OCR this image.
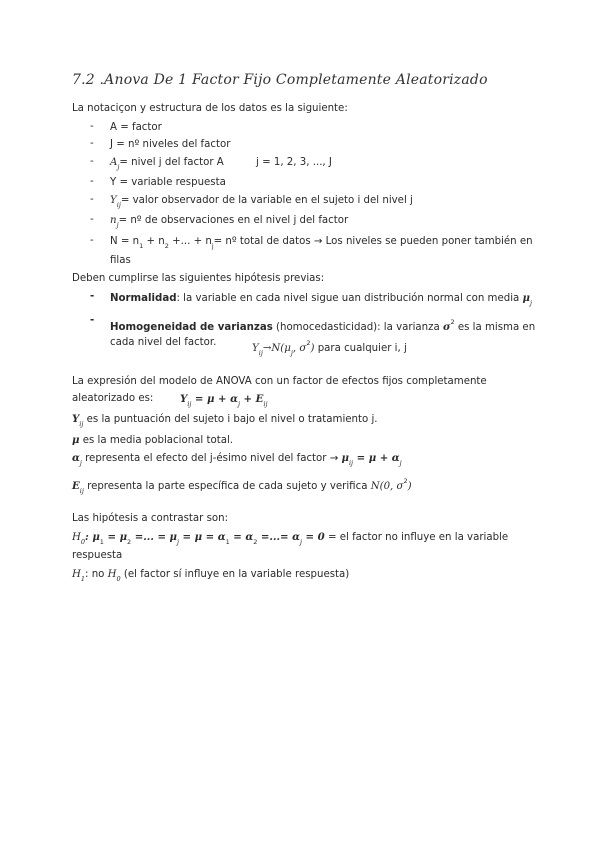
7.2 .Anova De 1 Factor Fijo Completamente Aleatorizado
La notaciçon y estructura de los datos es la siguiente:
- A = factor
- J = nº niveles del factor
- $A_j=$ nivel j del factor A	j = 1, 2, 3, ..., J
- Y = variable respuesta
- $Y_{ij}=$ valor observador de la variable en el sujeto i del nivel j
- $n_j=$ nº de observaciones en el nivel j del factor
- $N = n_1 + n_2$ +... + $n_j=$ nº total de datos → Los niveles se pueden poner también en
filas
Deben cumplirse las siguientes hipótesis previas:
- Normalidad: la variable en cada nivel sigue uan distribución normal con media $\mu_j$
-
Homogeneidad de varianzas (homocedasticidad): la varianza $\sigma^2$ es la misma en
cada nivel del factor.
$Y_{ij}\to N(\mu_j$, $\sigma^2$) para cualquier i, j
La expresión del modelo de ANOVA con un factor de efectos fijos completamente
aleatorizado es:	$Y_{ij} = \mu + \alpha_j + E_{ij}$
$Y_{ij}$ es la puntuación del sujeto i bajo el nivel o tratamiento j.
μ es la media poblacional total.
$\alpha_j$ representa el efecto del j-ésimo nivel del factor → $\mu_{ij} = \mu + \alpha_j$
$E_{ij}$ representa la parte específica de cada sujeto y verifica N(0, $\sigma^2$)
Las hipótesis a contrastar son:
$H_0$: $\mu_1 = \mu_2$ =... = $\mu_j = \mu = \alpha_1 = \alpha_2$ =...= $\alpha_j = 0$ = el factor no influye en la variable
respuesta
$H_1$: no $H_0$ (el factor sí influye en la variable respuesta)
